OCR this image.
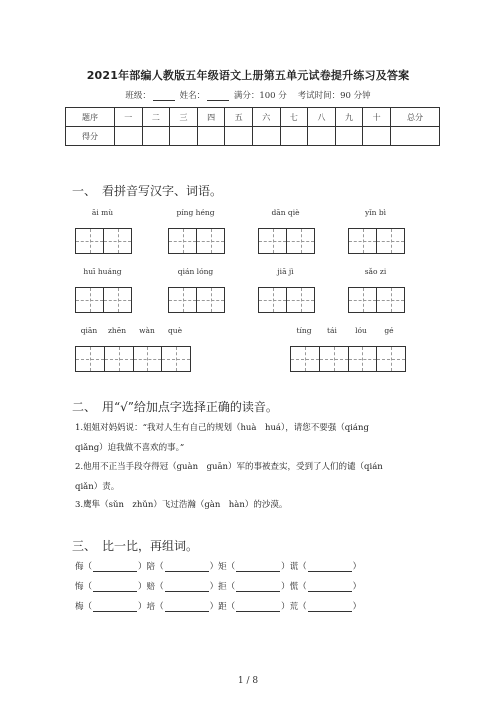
2021年部编人教版五年级语文上册第五单元试卷提升练习及答案
班级：	姓名：	满分：100 分 考试时间：90 分钟
题序	一	二	三	四	五	六	七	八	九	十	总分
得分											
一、　看拼音写汉字、词语。
āi mù	píng héng	dān qiè	yǐn bì
huī huáng	qián lóng	jiā jì	sǎo zi
qiān	zhēn	wàn	què	tíng	tái	lóu	gé
二、　用“√”给加点字选择正确的读音。
1.姐姐对妈妈说：“我对人生有自己的规划（huà　huá），请您不要强（qiáng
qiǎng）迫我做不喜欢的事。”
2.他用不正当手段夺得冠（guàn　guān）军的事被查实，受到了人们的谴（qián
qiǎn）责。
3.鹰隼（sǔn　zhǔn）飞过浩瀚（gàn　hàn）的沙漠。
三、　比一比，再组词。
侮（	）陪（	）矩（	）谎（	）
悔（	）赔（	）拒（	）慌（	）
梅（	）培（	）距（	）荒（	）
1 / 8
